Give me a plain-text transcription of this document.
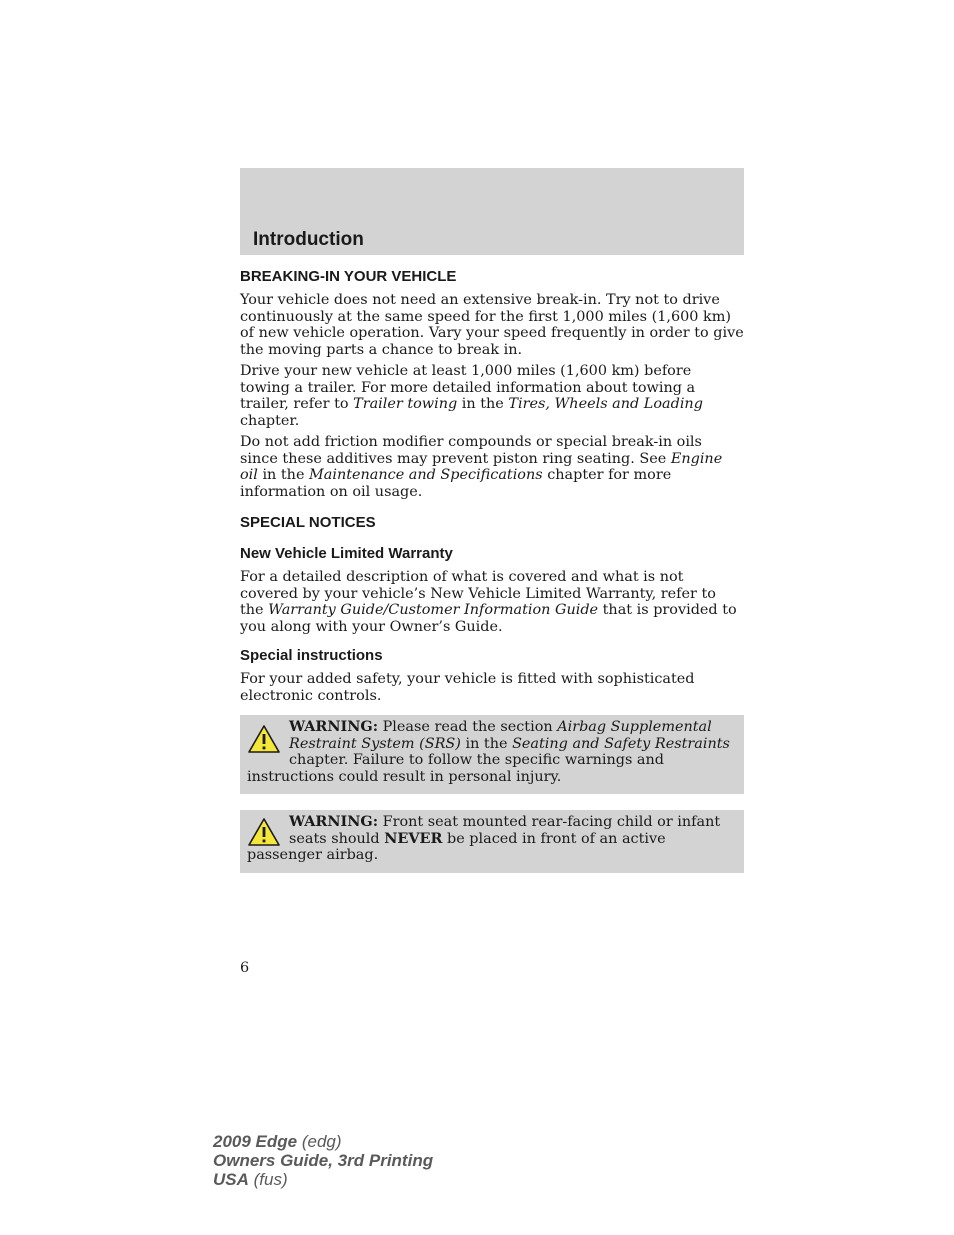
Introduction
BREAKING-IN YOUR VEHICLE

Your vehicle does not need an extensive break-in. Try not to drive continuously at the same speed for the first 1,000 miles (1,600 km) of new vehicle operation. Vary your speed frequently in order to give the moving parts a chance to break in.

Drive your new vehicle at least 1,000 miles (1,600 km) before towing a trailer. For more detailed information about towing a trailer, refer to Trailer towing in the Tires, Wheels and Loading chapter.

Do not add friction modifier compounds or special break-in oils since these additives may prevent piston ring seating. See Engine oil in the Maintenance and Specifications chapter for more information on oil usage.

SPECIAL NOTICES
New Vehicle Limited Warranty

For a detailed description of what is covered and what is not covered by your vehicle’s New Vehicle Limited Warranty, refer to the Warranty Guide/Customer Information Guide that is provided to you along with your Owner’s Guide.

Special instructions

For your added safety, your vehicle is fitted with sophisticated electronic controls.

WARNING: Please read the section Airbag Supplemental Restraint System (SRS) in the Seating and Safety Restraints chapter. Failure to follow the specific warnings and instructions could result in personal injury.
WARNING: Front seat mounted rear-facing child or infant seats should NEVER be placed in front of an active passenger airbag.
6
2009 Edge (edg)
Owners Guide, 3rd Printing
USA (fus)
